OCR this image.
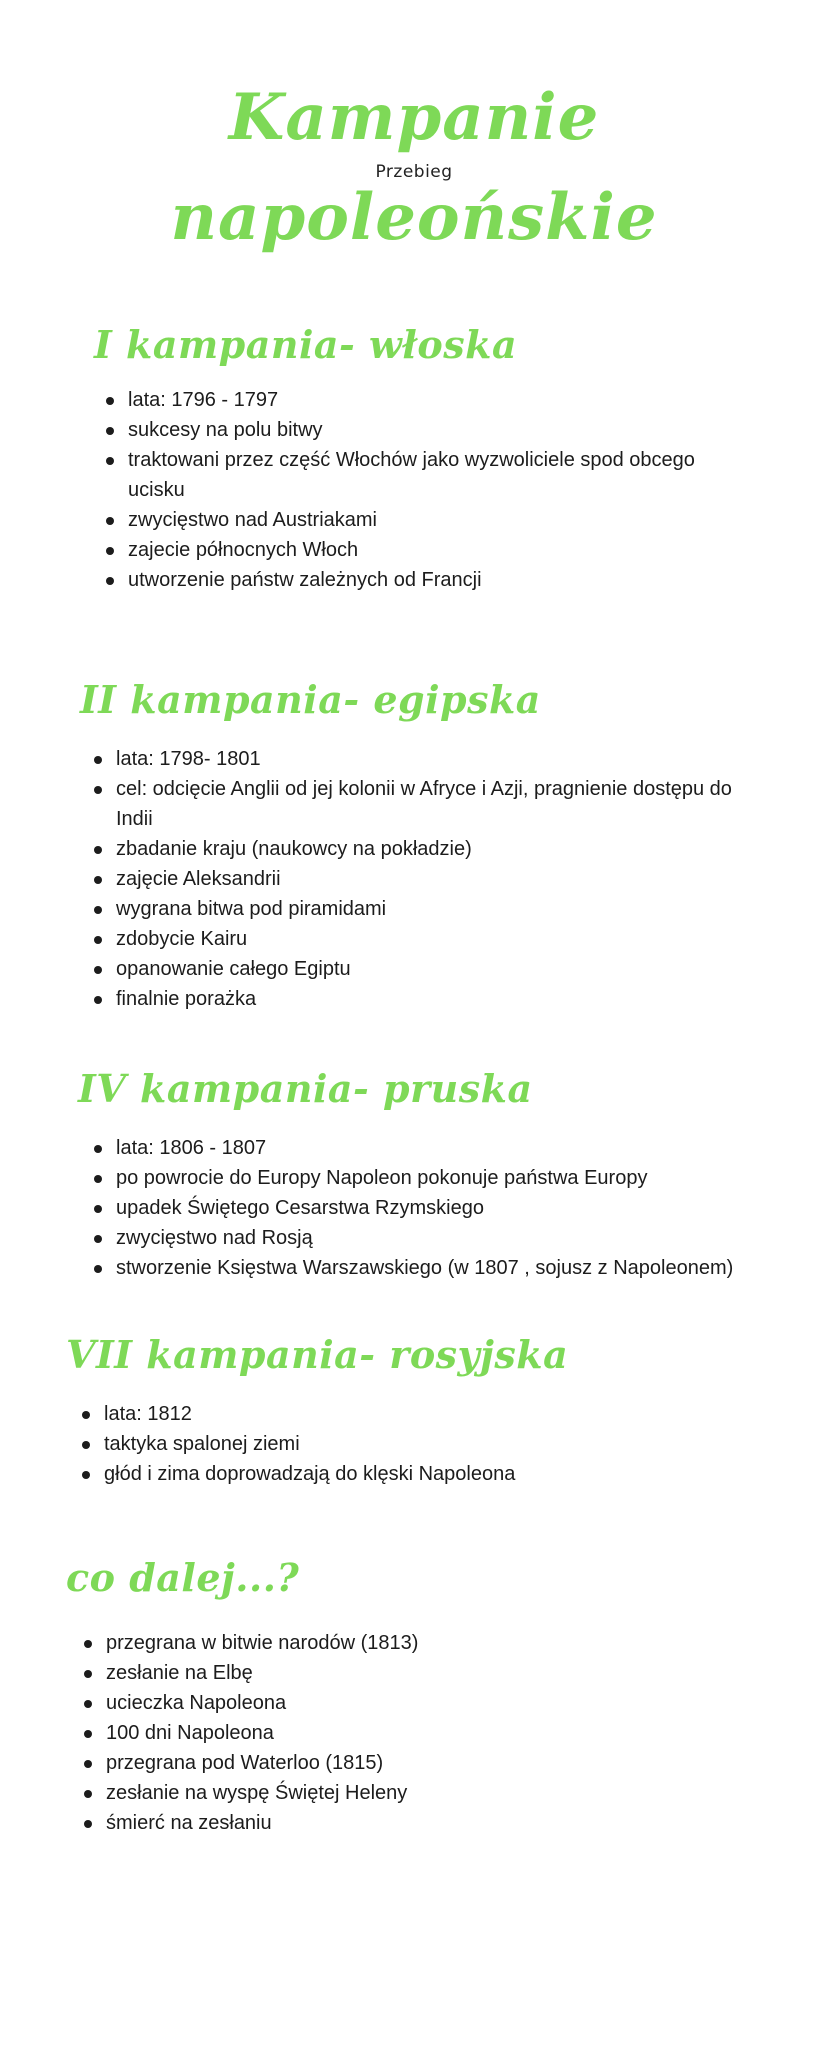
Kampanie
Przebieg
napoleońskie
I kampania- włoska
lata: 1796 - 1797
sukcesy na polu bitwy
traktowani przez część Włochów jako wyzwoliciele spod obcego ucisku
zwycięstwo nad Austriakami
zajecie północnych Włoch
utworzenie państw zależnych od Francji
II kampania- egipska
lata: 1798- 1801
cel: odcięcie Anglii od jej kolonii w Afryce i Azji, pragnienie dostępu do Indii
zbadanie kraju (naukowcy na pokładzie)
zajęcie Aleksandrii
wygrana bitwa pod piramidami
zdobycie Kairu
opanowanie całego Egiptu
finalnie porażka
IV kampania- pruska
lata: 1806 - 1807
po powrocie do Europy Napoleon pokonuje państwa Europy
upadek Świętego Cesarstwa Rzymskiego
zwycięstwo nad Rosją
stworzenie Księstwa Warszawskiego (w 1807 , sojusz z Napoleonem)
VII kampania- rosyjska
lata: 1812
taktyka spalonej ziemi
głód i zima doprowadzają do klęski Napoleona
co dalej...?
przegrana w bitwie narodów (1813)
zesłanie na Elbę
ucieczka Napoleona
100 dni Napoleona
przegrana pod Waterloo (1815)
zesłanie na wyspę Świętej Heleny
śmierć na zesłaniu
